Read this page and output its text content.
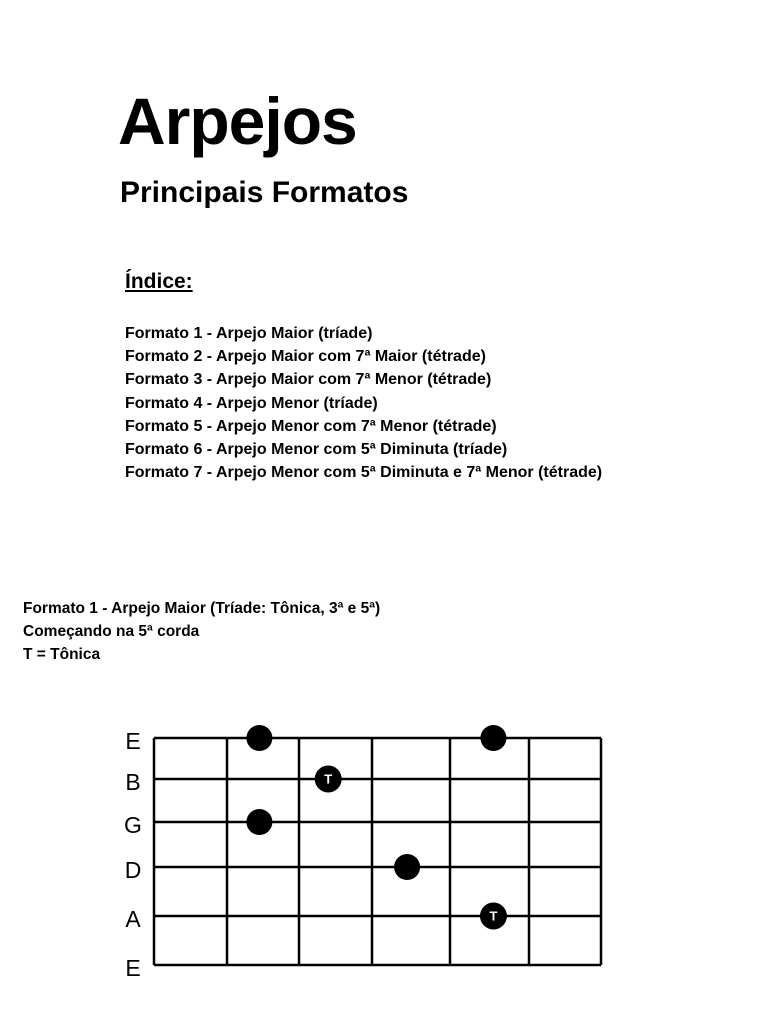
Arpejos
Principais Formatos
Índice:
Formato 1 - Arpejo Maior (tríade)
Formato 2 - Arpejo Maior com 7ª Maior (tétrade)
Formato 3 - Arpejo Maior com 7ª Menor (tétrade)
Formato 4 - Arpejo Menor (tríade)
Formato 5 - Arpejo Menor com 7ª Menor (tétrade)
Formato 6 - Arpejo Menor com 5ª Diminuta (tríade)
Formato 7 - Arpejo Menor com 5ª Diminuta e 7ª Menor (tétrade)
Formato 1 - Arpejo Maior (Tríade: Tônica, 3ª e 5ª)
Começando na 5ª corda
T = Tônica
E
B
G
D
A
E
T
T
